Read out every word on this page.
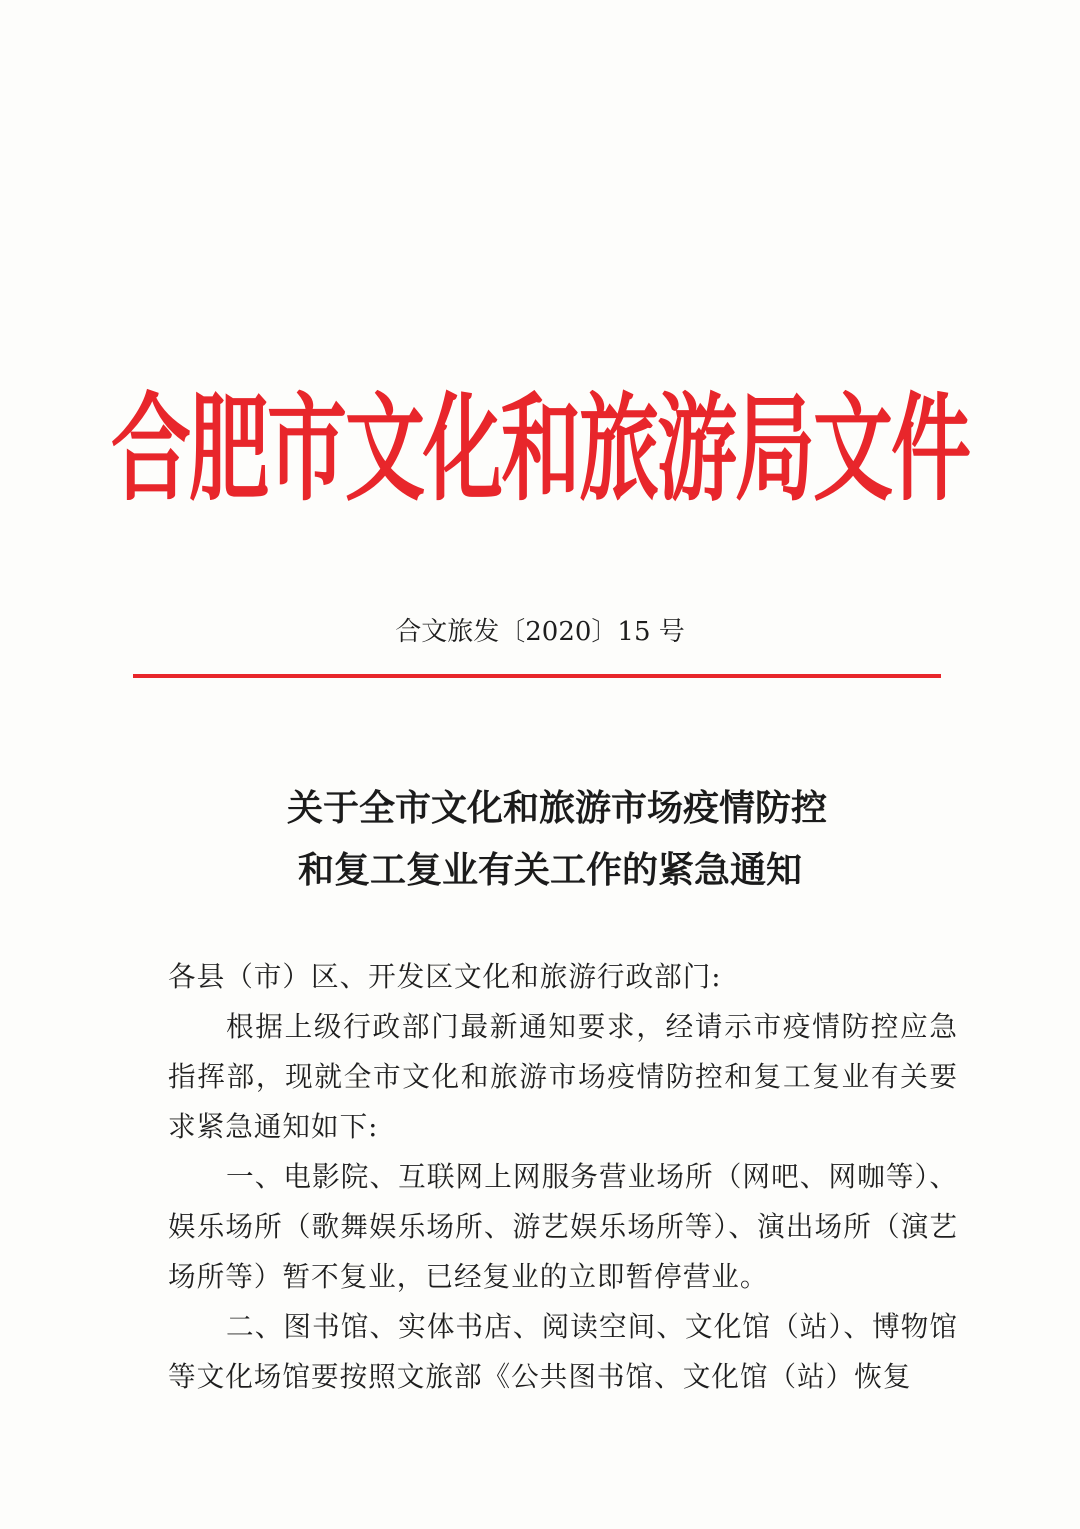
合肥市文化和旅游局文件
合文旅发〔2020〕15 号
关于全市文化和旅游市场疫情防控
和复工复业有关工作的紧急通知

各县（市）区、开发区文化和旅游行政部门:

根据上级行政部门最新通知要求，经请示市疫情防控应急指挥部，现就全市文化和旅游市场疫情防控和复工复业有关要求紧急通知如下:

一、电影院、互联网上网服务营业场所（网吧、网咖等）、娱乐场所（歌舞娱乐场所、游艺娱乐场所等）、演出场所（演艺场所等）暂不复业，已经复业的立即暂停营业。

二、图书馆、实体书店、阅读空间、文化馆（站）、博物馆等文化场馆要按照文旅部《公共图书馆、文化馆（站）恢复
